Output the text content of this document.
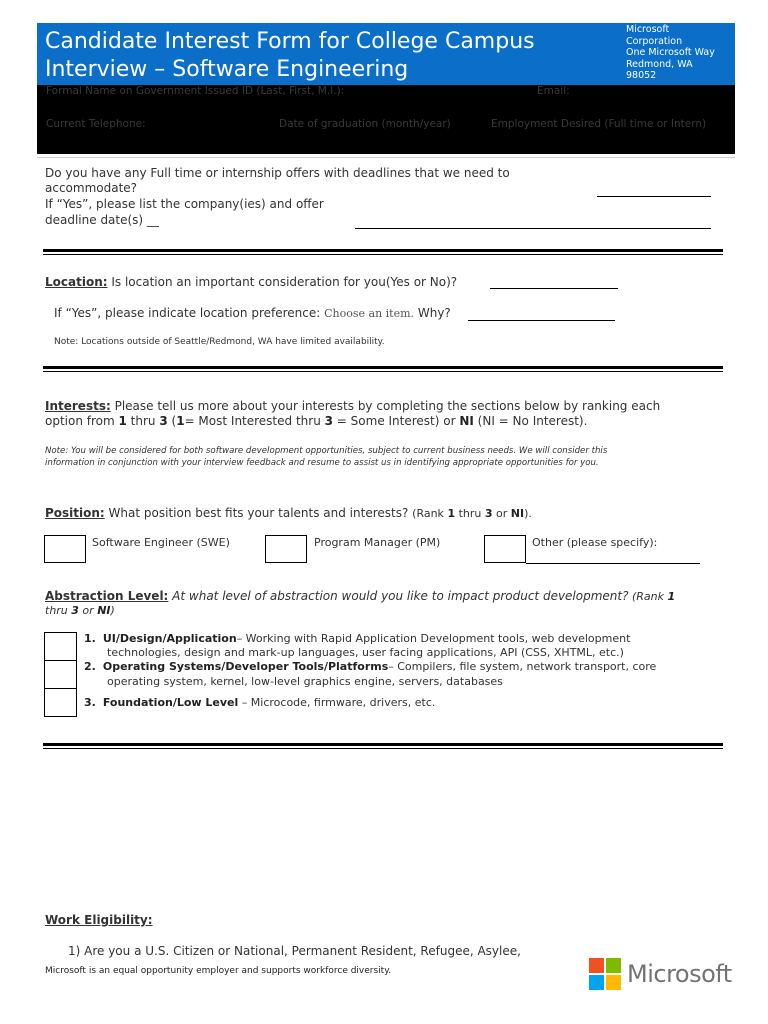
Candidate Interest Form for College Campus
Interview – Software Engineering
Microsoft
Corporation
One Microsoft Way
Redmond, WA
98052
Formal Name on Government Issued ID (Last, First, M.I.):	Email:
Current Telephone:	Date of graduation (month/year)	Employment Desired (Full time or Intern)
Do you have any Full time or internship offers with deadlines that we need to
accommodate?
If “Yes”, please list the company(ies) and offer
deadline date(s) __
Location: Is location an important consideration for you(Yes or No)?
If “Yes”, please indicate location preference: Choose an item. Why?
Note: Locations outside of Seattle/Redmond, WA have limited availability.
Interests: Please tell us more about your interests by completing the sections below by ranking each
option from 1 thru 3 (1= Most Interested thru 3 = Some Interest) or NI (NI = No Interest).
Note: You will be considered for both software development opportunities, subject to current business needs. We will consider this
information in conjunction with your interview feedback and resume to assist us in identifying appropriate opportunities for you.
Position: What position best fits your talents and interests? (Rank 1 thru 3 or NI).
Software Engineer (SWE)	Program Manager (PM)	Other (please specify):
Abstraction Level: At what level of abstraction would you like to impact product development? (Rank 1
thru 3 or NI)
1. UI/Design/Application– Working with Rapid Application Development tools, web development
technologies, design and mark-up languages, user facing applications, API (CSS, XHTML, etc.)
2. Operating Systems/Developer Tools/Platforms– Compilers, file system, network transport, core
operating system, kernel, low-level graphics engine, servers, databases
3. Foundation/Low Level – Microcode, firmware, drivers, etc.
Work Eligibility:
1) Are you a U.S. Citizen or National, Permanent Resident, Refugee, Asylee,
Microsoft is an equal opportunity employer and supports workforce diversity.	Microsoft
